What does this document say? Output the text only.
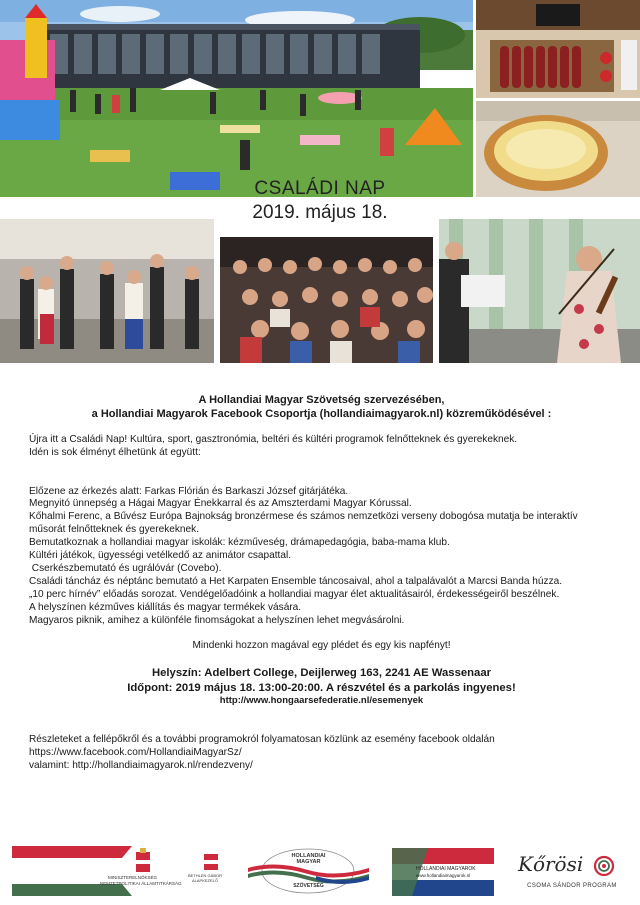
CSALÁDI NAP
2019. május 18.
A Hollandiai Magyar Szövetség szervezésében,
a Hollandiai Magyarok Facebook Csoportja (hollandiaimagyarok.nl) közreműködésével :
Újra itt a Családi Nap! Kultúra, sport, gasztronómia, beltéri és kültéri programok felnőtteknek és gyerekeknek.
Idén is sok élményt élhetünk át együtt:
Előzene az érkezés alatt: Farkas Flórián és Barkaszi József gitárjátéka.
Megnyitó ünnepség a Hágai Magyar Énekkarral és az Amszterdami Magyar Kórussal.
Kőhalmi Ferenc, a Bűvész Európa Bajnokság bronzérmese és számos nemzetközi verseny dobogósa mutatja be interaktív
műsorát felnőtteknek és gyerekeknek.
Bemutatkoznak a hollandiai magyar iskolák: kézműveség, drámapedagógia, baba-mama klub.
Kültéri játékok, ügyességi vetélkedő az animátor csapattal.
Cserkészbemutató és ugrálóvár (Covebo).
Családi táncház és néptánc bemutató a Het Karpaten Ensemble táncosaival, ahol a talpalávalót a Marcsi Banda húzza.
„10 perc hírnév” előadás sorozat. Vendégelőadóink a hollandiai magyar élet aktualitásairól, érdekességeiről beszélnek.
A helyszínen kézműves kiállítás és magyar termékek vására.
Magyaros piknik, amihez a különféle finomságokat a helyszínen lehet megvásárolni.
Mindenki hozzon magával egy plédet és egy kis napfényt!
Helyszín: Adelbert College, Deijlerweg 163, 2241 AE Wassenaar
Időpont: 2019 május 18. 13:00-20:00. A részvétel és a parkolás ingyenes!
http://www.hongaarsefederatie.nl/esemenyek
Részleteket a fellépőkről és a további programokról folyamatosan közlünk az esemény facebook oldalán
https://www.facebook.com/HollandiaiMagyarSz/
valamint: http://hollandiaimagyarok.nl/rendezveny/
MINISZTERELNÖKSÉG
NEMZETPOLITIKAI ÁLLAMTITKÁRSÁG
BETHLEN GÁBOR ALAPKEZELŐ
HOLLANDIAI
MAGYAR
SZÖVETSÉG
HOLLANDIAI MAGYAROK
www.hollandiaimagyarok.nl Kőrösi
CSOMA SÁNDOR PROGRAM
